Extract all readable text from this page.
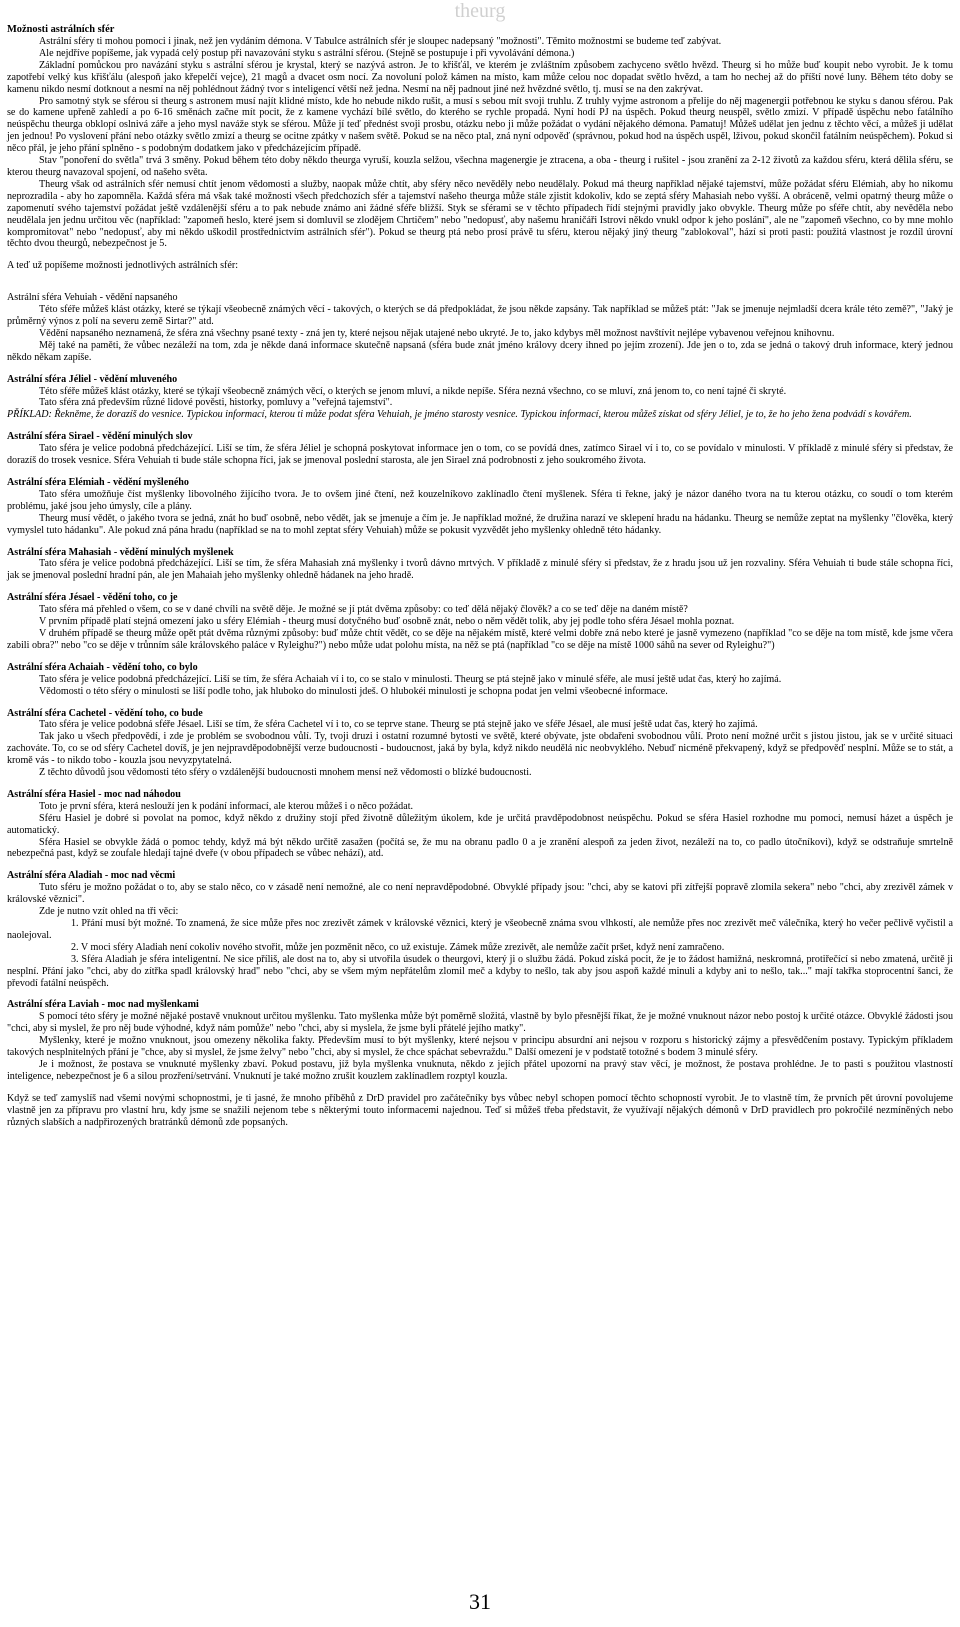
theurg
Možnosti astrálních sfér

Astrální sféry ti mohou pomoci i jinak, než jen vydáním démona. V Tabulce astrálních sfér je sloupec nadepsaný "možnosti". Těmito možnostmi se budeme teď zabývat.

Ale nejdříve popíšeme, jak vypadá celý postup při navazování styku s astrální sférou. (Stejně se postupuje i při vyvolávání démona.)

Základní pomůckou pro navázání styku s astrální sférou je krystal, který se nazývá astron. Je to křišťál, ve kterém je zvláštním způsobem zachyceno světlo hvězd. Theurg si ho může buď koupit nebo vyrobit. Je k tomu zapotřebí velký kus křišťálu (alespoň jako křepelčí vejce), 21 magů a dvacet osm nocí. Za novoluní polož kámen na místo, kam může celou noc dopadat světlo hvězd, a tam ho nechej až do příští nové luny. Během této doby se kamenu nikdo nesmí dotknout a nesmí na něj pohlédnout žádný tvor s inteligencí větší než jedna. Nesmí na něj padnout jiné než hvězdné světlo, tj. musí se na den zakrývat.

Pro samotný styk se sférou si theurg s astronem musí najít klidné místo, kde ho nebude nikdo rušit, a musí s sebou mít svoji truhlu. Z truhly vyjme astronom a přelije do něj magenergii potřebnou ke styku s danou sférou. Pak se do kamene upřeně zahledí a po 6-16 směnách začne mít pocit, že z kamene vychází bílé světlo, do kterého se rychle propadá. Nyní hodí PJ na úspěch. Pokud theurg neuspěl, světlo zmizí. V případě úspěchu nebo fatálního neúspěchu theurga obklopí oslnivá záře a jeho mysl naváže styk se sférou. Může jí teď přednést svoji prosbu, otázku nebo ji může požádat o vydání nějakého démona. Pamatuj! Můžeš udělat jen jednu z těchto věcí, a můžeš ji udělat jen jednou! Po vyslovení přání nebo otázky světlo zmizí a theurg se ocitne zpátky v našem světě. Pokud se na něco ptal, zná nyní odpověď (správnou, pokud hod na úspěch uspěl, lživou, pokud skončil fatálním neúspěchem). Pokud si něco přál, je jeho přání splněno - s podobným dodatkem jako v předcházejícím případě.

Stav "ponoření do světla" trvá 3 směny. Pokud během této doby někdo theurga vyruší, kouzla selžou, všechna magenergie je ztracena, a oba - theurg i rušitel - jsou zranění za 2-12 životů za každou sféru, která dělila sféru, se kterou theurg navazoval spojení, od našeho světa.

Theurg však od astrálních sfér nemusí chtít jenom vědomosti a služby, naopak může chtít, aby sféry něco nevěděly nebo neudělaly. Pokud má theurg například nějaké tajemství, může požádat sféru Elémiah, aby ho nikomu neprozradila - aby ho zapomněla. Každá sféra má však také možnosti všech předchozích sfér a tajemství našeho theurga může stále zjistit kdokoliv, kdo se zeptá sféry Mahasiah nebo vyšší. A obráceně, velmi opatrný theurg může o zapomenutí svého tajemství požádat ještě vzdálenější sféru a to pak nebude známo ani žádné sféře bližší. Styk se sférami se v těchto případech řídí stejnými pravidly jako obvykle. Theurg může po sféře chtít, aby nevěděla nebo neudělala jen jednu určitou věc (například: "zapomeň heslo, které jsem si domluvil se zlodějem Chrtičem" nebo "nedopusť, aby našemu hraničáři Istrovi někdo vnukl odpor k jeho poslání", ale ne "zapomeň všechno, co by mne mohlo kompromitovat" nebo "nedopusť, aby mi někdo uškodil prostřednictvím astrálních sfér"). Pokud se theurg ptá nebo prosí právě tu sféru, kterou nějaký jiný theurg "zablokoval", hází si proti pasti: použitá vlastnost je rozdíl úrovní těchto dvou theurgů, nebezpečnost je 5.

A teď už popíšeme možnosti jednotlivých astrálních sfér:

Astrální sféra Vehuiah - vědění napsaného

Této sféře můžeš klást otázky, které se týkají všeobecně známých věcí - takových, o kterých se dá předpokládat, že jsou někde zapsány. Tak například se můžeš ptát: "Jak se jmenuje nejmladší dcera krále této země?", "Jaký je průměrný výnos z polí na severu země Sirtar?" atd.

Vědění napsaného neznamená, že sféra zná všechny psané texty - zná jen ty, které nejsou nějak utajené nebo ukryté. Je to, jako kdybys měl možnost navštívit nejlépe vybavenou veřejnou knihovnu.

Měj také na paměti, že vůbec nezáleží na tom, zda je někde daná informace skutečně napsaná (sféra bude znát jméno královy dcery ihned po jejím zrození). Jde jen o to, zda se jedná o takový druh informace, který jednou někdo někam zapíše.

Astrální sféra Jéliel - vědění mluveného

Této sféře můžeš klást otázky, které se týkají všeobecně známých věcí, o kterých se jenom mluví, a nikde nepíše. Sféra nezná všechno, co se mluví, zná jenom to, co není tajné či skryté.

Tato sféra zná především různé lidové pověsti, historky, pomluvy a "veřejná tajemství".

PŘÍKLAD: Řekněme, že dorazíš do vesnice. Typickou informací, kterou ti může podat sféra Vehuiah, je jméno starosty vesnice. Typickou informací, kterou můžeš získat od sféry Jéliel, je to, že ho jeho žena podvádí s kovářem.

Astrální sféra Sirael - vědění minulých slov

Tato sféra je velice podobná předcházející. Liší se tím, že sféra Jéliel je schopná poskytovat informace jen o tom, co se povídá dnes, zatímco Sirael ví i to, co se povídalo v minulosti. V příkladě z minulé sféry si představ, že dorazíš do trosek vesnice. Sféra Vehuiah ti bude stále schopna říci, jak se jmenoval poslední starosta, ale jen Sirael zná podrobnosti z jeho soukromého života.

Astrální sféra Elémiah - vědění myšleného

Tato sféra umožňuje číst myšlenky libovolného žijícího tvora. Je to ovšem jiné čtení, než kouzelníkovo zaklínadlo čtení myšlenek. Sféra ti řekne, jaký je názor daného tvora na tu kterou otázku, co soudí o tom kterém problému, jaké jsou jeho úmysly, cíle a plány.

Theurg musí vědět, o jakého tvora se jedná, znát ho buď osobně, nebo vědět, jak se jmenuje a čím je. Je například možné, že družina narazí ve sklepení hradu na hádanku. Theurg se nemůže zeptat na myšlenky "člověka, který vymyslel tuto hádanku". Ale pokud zná pána hradu (například se na to mohl zeptat sféry Vehuiah) může se pokusit vyzvědět jeho myšlenky ohledně této hádanky.

Astrální sféra Mahasiah - vědění minulých myšlenek

Tato sféra je velice podobná předcházející. Liší se tím, že sféra Mahasiah zná myšlenky i tvorů dávno mrtvých. V příkladě z minulé sféry si představ, že z hradu jsou už jen rozvaliny. Sféra Vehuiah ti bude stále schopna říci, jak se jmenoval poslední hradní pán, ale jen Mahaiah jeho myšlenky ohledně hádanek na jeho hradě.

Astrální sféra Jésael - vědění toho, co je

Tato sféra má přehled o všem, co se v dané chvíli na světě děje. Je možné se jí ptát dvěma způsoby: co teď dělá nějaký člověk? a co se teď děje na daném místě?

V prvním případě platí stejná omezení jako u sféry Elémiah - theurg musí dotyčného buď osobně znát, nebo o něm vědět tolik, aby jej podle toho sféra Jésael mohla poznat.

V druhém případě se theurg může opět ptát dvěma různými způsoby: buď může chtít vědět, co se děje na nějakém místě, které velmi dobře zná nebo které je jasně vymezeno (například "co se děje na tom místě, kde jsme včera zabili obra?" nebo "co se děje v trůnním sále královského paláce v Ryleighu?") nebo může udat polohu místa, na něž se ptá (například "co se děje na místě 1000 sáhů na sever od Ryleighu?")

Astrální sféra Achaiah - vědění toho, co bylo

Tato sféra je velice podobná předcházející. Liší se tím, že sféra Achaiah ví i to, co se stalo v minulosti. Theurg se ptá stejně jako v minulé sféře, ale musí ještě udat čas, který ho zajímá.

Vědomosti o této sféry o minulosti se liší podle toho, jak hluboko do minulosti jdeš. O hlubokéi minulosti je schopna podat jen velmi všeobecné informace.

Astrální sféra Cachetel - vědění toho, co bude

Tato sféra je velice podobná sféře Jésael. Liší se tím, že sféra Cachetel ví i to, co se teprve stane. Theurg se ptá stejně jako ve sféře Jésael, ale musí ještě udat čas, který ho zajímá.

Tak jako u všech předpovědí, i zde je problém se svobodnou vůlí. Ty, tvoji druzi i ostatní rozumné bytosti ve světě, které obývate, jste obdařeni svobodnou vůlí. Proto není možné určit s jistou jistou, jak se v určité situaci zachováte. To, co se od sféry Cachetel dovíš, je jen nejpravděpodobnější verze budoucnosti - budoucnost, jaká by byla, když nikdo neudělá nic neobvyklého. Nebuď nicméně překvapený, když se předpověď nesplní. Může se to stát, a kromě vás - to nikdo tobo - kouzla jsou nevyzpytatelná.

Z těchto důvodů jsou vědomosti této sféry o vzdálenější budoucnosti mnohem mensí než vědomosti o blízké budoucnosti.

Astrální sféra Hasiel - moc nad náhodou

Toto je první sféra, která neslouží jen k podání informací, ale kterou můžeš i o něco požádat.

Sféru Hasiel je dobré si povolat na pomoc, když někdo z družiny stojí před životně důležitým úkolem, kde je určitá pravděpodobnost neúspěchu. Pokud se sféra Hasiel rozhodne mu pomoci, nemusí házet a úspěch je automatický.

Sféra Hasiel se obvykle žádá o pomoc tehdy, když má být někdo určitě zasažen (počítá se, že mu na obranu padlo 0 a je zranění alespoň za jeden život, nezáleží na to, co padlo útočníkovi), když se odstraňuje smrtelně nebezpečná past, když se zoufale hledají tajné dveře (v obou případech se vůbec nehází), atd.

Astrální sféra Aladiah - moc nad věcmi

Tuto sféru je možno požádat o to, aby se stalo něco, co v zásadě není nemožné, ale co není nepravděpodobné. Obvyklé případy jsou: "chci, aby se katovi při zítřejší popravě zlomila sekera" nebo "chci, aby zrezivěl zámek v královské věznici".

Zde je nutno vzít ohled na tři věci:

1. Přání musí být možné. To znamená, že sice může přes noc zrezivět zámek v královské věznici, který je všeobecně známa svou vlhkostí, ale nemůže přes noc zrezivět meč válečníka, který ho večer pečlivě vyčistil a naolejoval.
2. V moci sféry Aladiah není cokoliv nového stvořit, může jen pozměnit něco, co už existuje. Zámek může zrezivět, ale nemůže začít pršet, když není zamračeno.
3. Sféra Aladiah je sféra inteligentní. Ne sice příliš, ale dost na to, aby si utvořila úsudek o theurgovi, který ji o službu žádá. Pokud získá pocit, že je to žádost hamižná, neskromná, protiřečící si nebo zmatená, určitě ji nesplní. Přání jako "chci, aby do zítřka spadl královský hrad" nebo "chci, aby se všem mým nepřátelům zlomil meč a kdyby to nešlo, tak aby jsou aspoň každé minuli a kdyby ani to nešlo, tak..." mají takřka stoprocentní šanci, že převodí fatální neúspěch.
Astrální sféra Laviah - moc nad myšlenkami

S pomocí této sféry je možné nějaké postavě vnuknout určitou myšlenku. Tato myšlenka může být poměrně složitá, vlastně by bylo přesnější říkat, že je možné vnuknout názor nebo postoj k určité otázce. Obvyklé žádosti jsou "chci, aby si myslel, že pro něj bude výhodné, když nám pomůže" nebo "chci, aby si myslela, že jsme byli přátelé jejího matky".

Myšlenky, které je možno vnuknout, jsou omezeny několika fakty. Především musí to být myšlenky, které nejsou v principu absurdní ani nejsou v rozporu s historický zájmy a přesvědčením postavy. Typickým příkladem takových nesplnitelných přání je "chce, aby si myslel, že jsme želvy" nebo "chci, aby si myslel, že chce spáchat sebevraždu." Další omezení je v podstatě totožné s bodem 3 minulé sféry.

Je i možnost, že postava se vnuknuté myšlenky zbaví. Pokud postavu, jíž byla myšlenka vnuknuta, někdo z jejích přátel upozorní na pravý stav věcí, je možnost, že postava prohlédne. Je to pasti s použitou vlastností inteligence, nebezpečnost je 6 a silou prozření/setrvání. Vnuknutí je také možno zrušit kouzlem zaklínadlem rozptyl kouzla.

Když se teď zamyslíš nad všemi novými schopnostmi, je ti jasné, že mnoho příběhů z DrD pravidel pro začátečníky bys vůbec nebyl schopen pomocí těchto schopností vyrobit. Je to vlastně tím, že prvních pět úrovní povolujeme vlastně jen za přípravu pro vlastní hru, kdy jsme se snažili nejenom tebe s některými touto informacemi najednou. Teď si můžeš třeba představit, že využívají nějakých démonů v DrD pravidlech pro pokročilé nezmíněných nebo různých slabších a nadpřirozených bratránků démonů zde popsaných.

31
